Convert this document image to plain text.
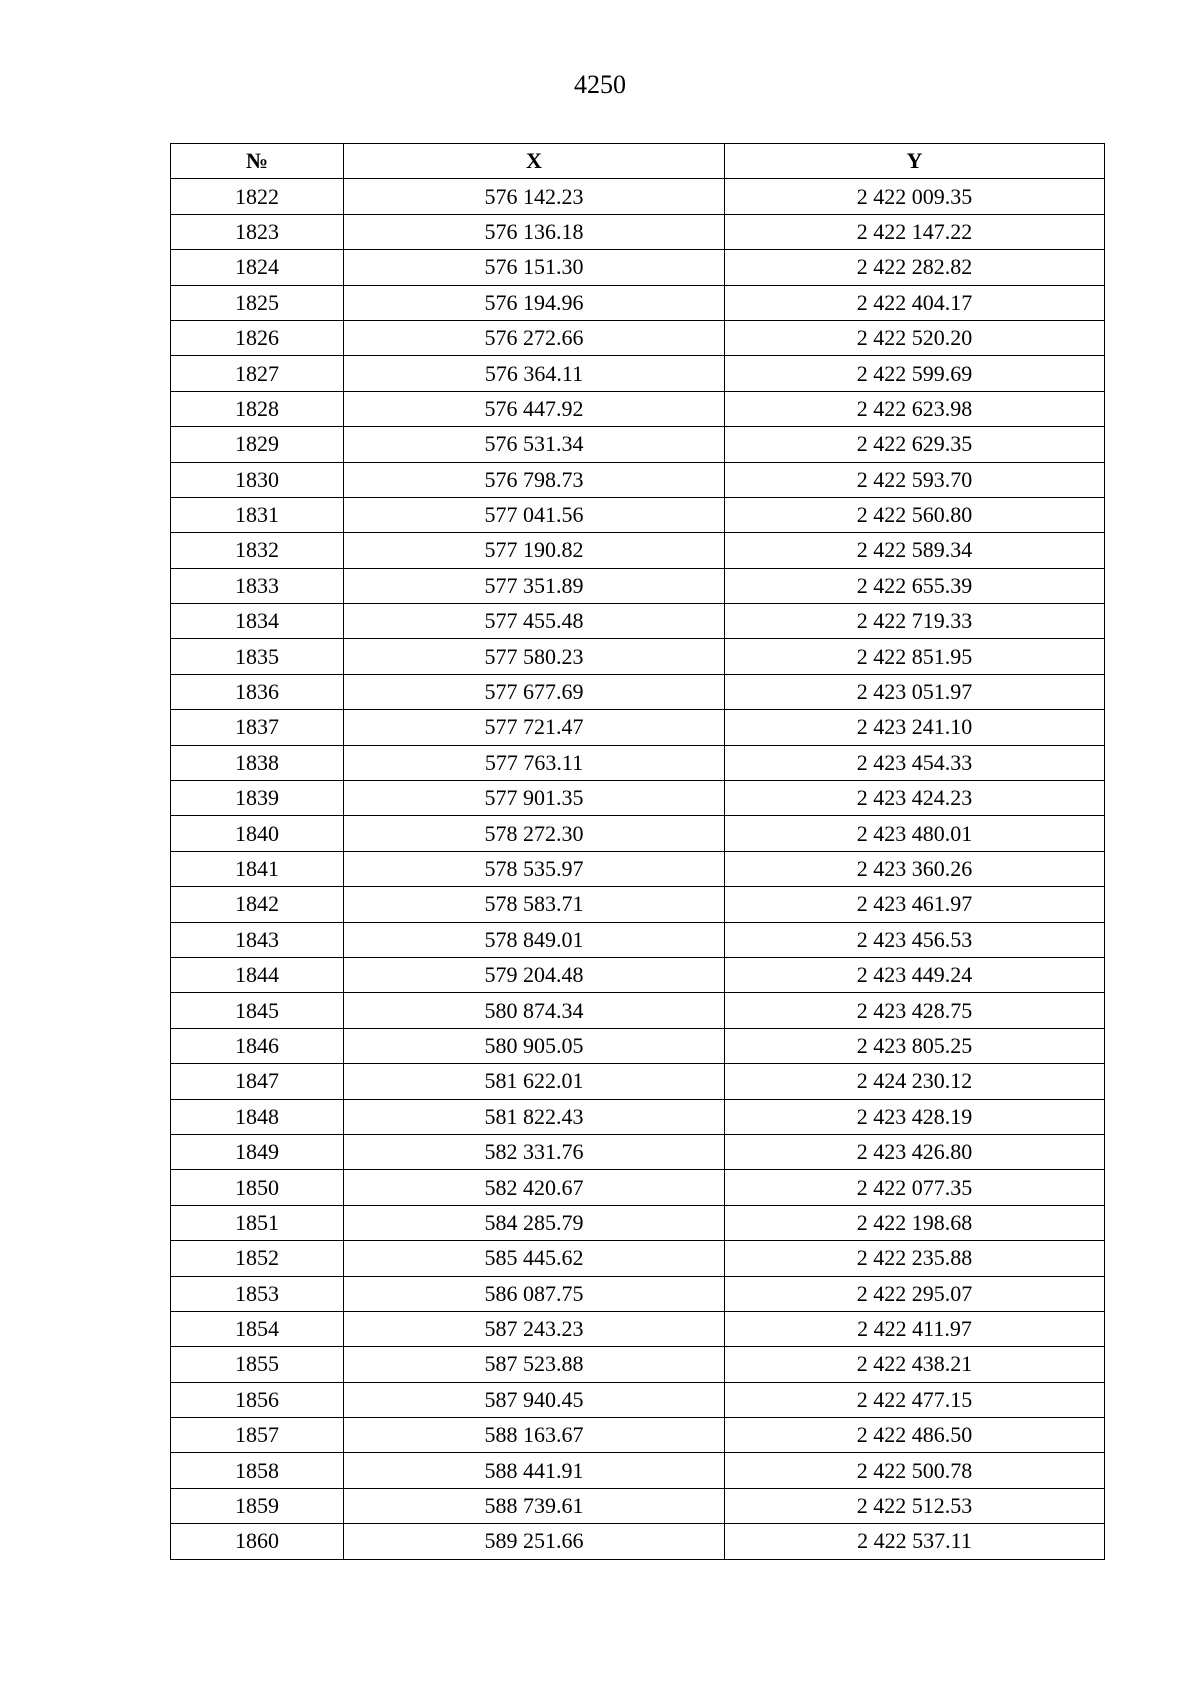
4250
№	X	Y
1822	576 142.23	2 422 009.35
1823	576 136.18	2 422 147.22
1824	576 151.30	2 422 282.82
1825	576 194.96	2 422 404.17
1826	576 272.66	2 422 520.20
1827	576 364.11	2 422 599.69
1828	576 447.92	2 422 623.98
1829	576 531.34	2 422 629.35
1830	576 798.73	2 422 593.70
1831	577 041.56	2 422 560.80
1832	577 190.82	2 422 589.34
1833	577 351.89	2 422 655.39
1834	577 455.48	2 422 719.33
1835	577 580.23	2 422 851.95
1836	577 677.69	2 423 051.97
1837	577 721.47	2 423 241.10
1838	577 763.11	2 423 454.33
1839	577 901.35	2 423 424.23
1840	578 272.30	2 423 480.01
1841	578 535.97	2 423 360.26
1842	578 583.71	2 423 461.97
1843	578 849.01	2 423 456.53
1844	579 204.48	2 423 449.24
1845	580 874.34	2 423 428.75
1846	580 905.05	2 423 805.25
1847	581 622.01	2 424 230.12
1848	581 822.43	2 423 428.19
1849	582 331.76	2 423 426.80
1850	582 420.67	2 422 077.35
1851	584 285.79	2 422 198.68
1852	585 445.62	2 422 235.88
1853	586 087.75	2 422 295.07
1854	587 243.23	2 422 411.97
1855	587 523.88	2 422 438.21
1856	587 940.45	2 422 477.15
1857	588 163.67	2 422 486.50
1858	588 441.91	2 422 500.78
1859	588 739.61	2 422 512.53
1860	589 251.66	2 422 537.11
